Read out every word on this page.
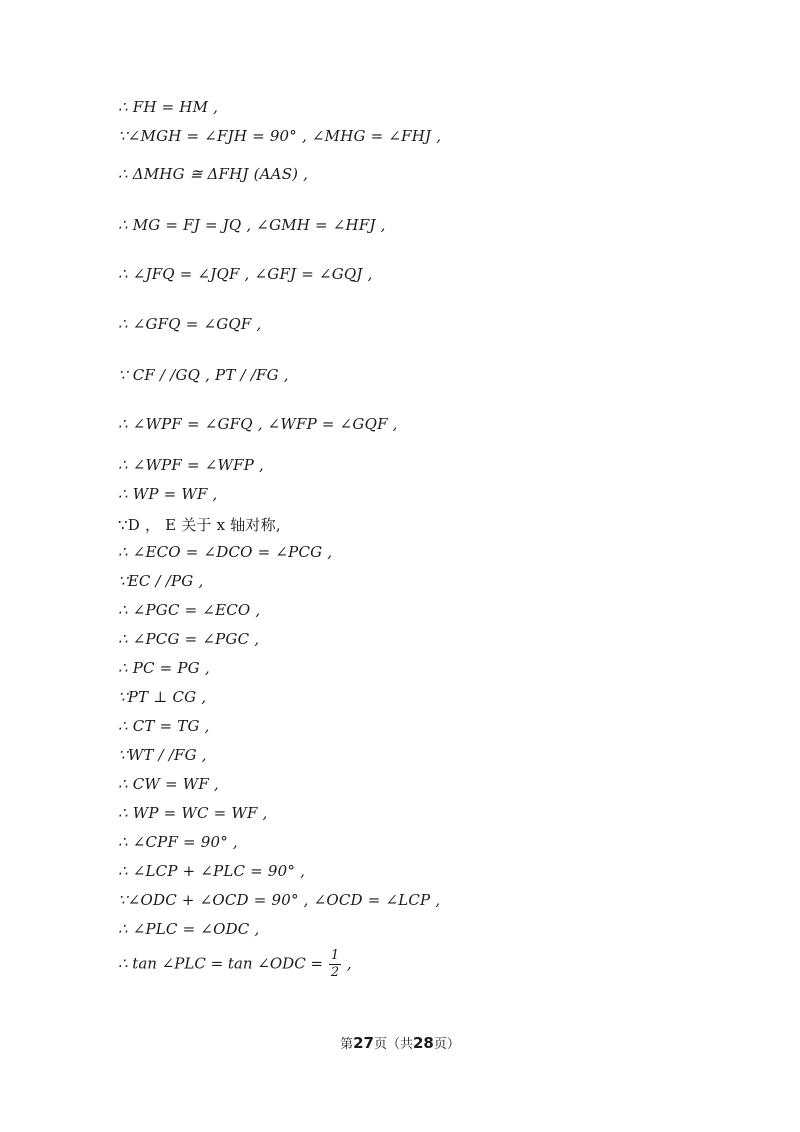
∴ FH = HM ,
∵∠MGH = ∠FJH = 90° , ∠MHG = ∠FHJ ,
∴ ΔMHG ≅ ΔFHJ (AAS) ,
∴ MG = FJ = JQ , ∠GMH = ∠HFJ ,
∴ ∠JFQ = ∠JQF , ∠GFJ = ∠GQJ ,
∴ ∠GFQ = ∠GQF ,
∵ CF / /GQ , PT / /FG ,
∴ ∠WPF = ∠GFQ , ∠WFP = ∠GQF ,
∴ ∠WPF = ∠WFP ,
∴ WP = WF ,
∵D ， E 关于 x 轴对称,
∴ ∠ECO = ∠DCO = ∠PCG ,
∵EC / /PG ,
∴ ∠PGC = ∠ECO ,
∴ ∠PCG = ∠PGC ,
∴ PC = PG ,
∵PT ⊥ CG ,
∴ CT = TG ,
∵WT / /FG ,
∴ CW = WF ,
∴ WP = WC = WF ,
∴ ∠CPF = 90° ,
∴ ∠LCP + ∠PLC = 90° ,
∵∠ODC + ∠OCD = 90° , ∠OCD = ∠LCP ,
∴ ∠PLC = ∠ODC ,
∴ tan ∠PLC = tan ∠ODC = $\frac{1}{2}$ ,
第27页（共28页）
